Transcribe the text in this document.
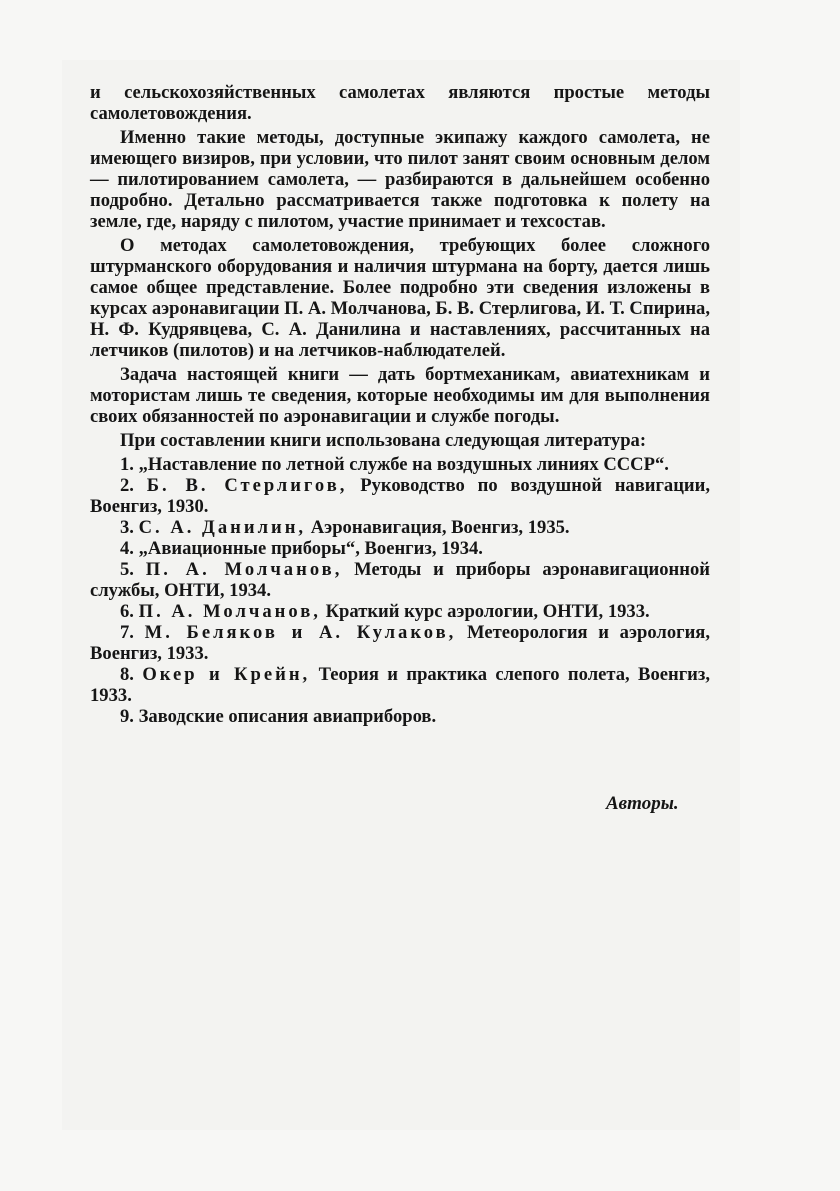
и сельскохозяйственных самолетах являются простые методы самолетовождения.

Именно такие методы, доступные экипажу каждого самолета, не имеющего визиров, при условии, что пилот занят своим основным делом — пилотированием самолета, — разбираются в дальнейшем особенно подробно. Детально рассматривается также подготовка к полету на земле, где, наряду с пилотом, участие принимает и техсостав.

О методах самолетовождения, требующих более сложного штурманского оборудования и наличия штурмана на борту, дается лишь самое общее представление. Более подробно эти сведения изложены в курсах аэронавигации П. А. Молчанова, Б. В. Стерлигова, И. Т. Спирина, Н. Ф. Кудрявцева, С. А. Данилина и наставлениях, рассчитанных на летчиков (пилотов) и на летчиков-наблюдателей.

Задача настоящей книги — дать бортмеханикам, авиатехникам и мотористам лишь те сведения, которые необходимы им для выполнения своих обязанностей по аэронавигации и службе погоды.

При составлении книги использована следующая литература:

1. „Наставление по летной службе на воздушных линиях СССР“.

2. Б. В. Стерлигов, Руководство по воздушной навигации, Военгиз, 1930.

3. С. А. Данилин, Аэронавигация, Военгиз, 1935.

4. „Авиационные приборы“, Военгиз, 1934.

5. П. А. Молчанов, Методы и приборы аэронавигационной службы, ОНТИ, 1934.

6. П. А. Молчанов, Краткий курс аэрологии, ОНТИ, 1933.

7. М. Беляков и А. Кулаков, Метеорология и аэрология, Военгиз, 1933.

8. Окер и Крейн, Теория и практика слепого полета, Военгиз, 1933.

9. Заводские описания авиаприборов.

Авторы.
